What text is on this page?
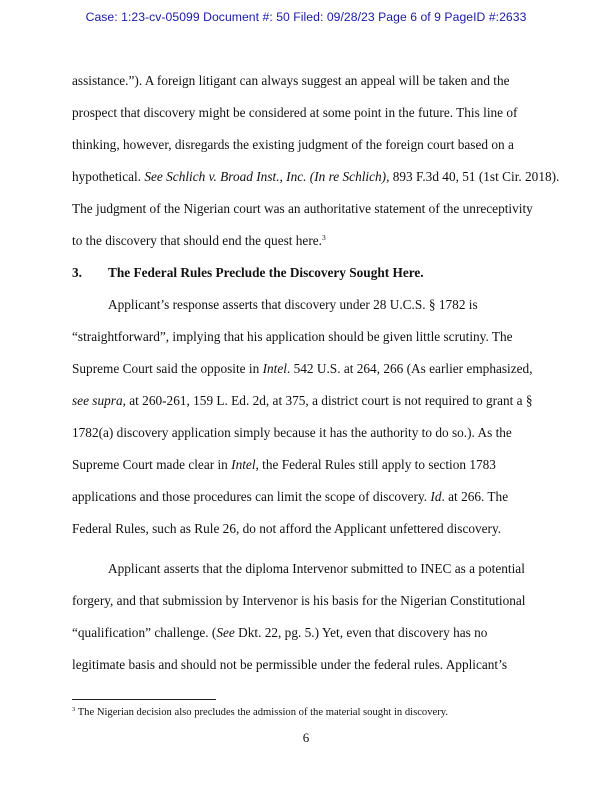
Case: 1:23-cv-05099 Document #: 50 Filed: 09/28/23 Page 6 of 9 PageID #:2633
assistance.”). A foreign litigant can always suggest an appeal will be taken and the
prospect that discovery might be considered at some point in the future. This line of
thinking, however, disregards the existing judgment of the foreign court based on a
hypothetical. See Schlich v. Broad Inst., Inc. (In re Schlich), 893 F.3d 40, 51 (1st Cir. 2018).
The judgment of the Nigerian court was an authoritative statement of the unreceptivity
to the discovery that should end the quest here.$^3$
3. The Federal Rules Preclude the Discovery Sought Here.
Applicant’s response asserts that discovery under 28 U.C.S. § 1782 is
“straightforward”, implying that his application should be given little scrutiny. The
Supreme Court said the opposite in Intel. 542 U.S. at 264, 266 (As earlier emphasized,
see supra, at 260-261, 159 L. Ed. 2d, at 375, a district court is not required to grant a §
1782(a) discovery application simply because it has the authority to do so.). As the
Supreme Court made clear in Intel, the Federal Rules still apply to section 1783
applications and those procedures can limit the scope of discovery. Id. at 266. The
Federal Rules, such as Rule 26, do not afford the Applicant unfettered discovery.
Applicant asserts that the diploma Intervenor submitted to INEC as a potential
forgery, and that submission by Intervenor is his basis for the Nigerian Constitutional
“qualification” challenge. (See Dkt. 22, pg. 5.) Yet, even that discovery has no
legitimate basis and should not be permissible under the federal rules. Applicant’s
$^3$ The Nigerian decision also precludes the admission of the material sought in discovery.
6
